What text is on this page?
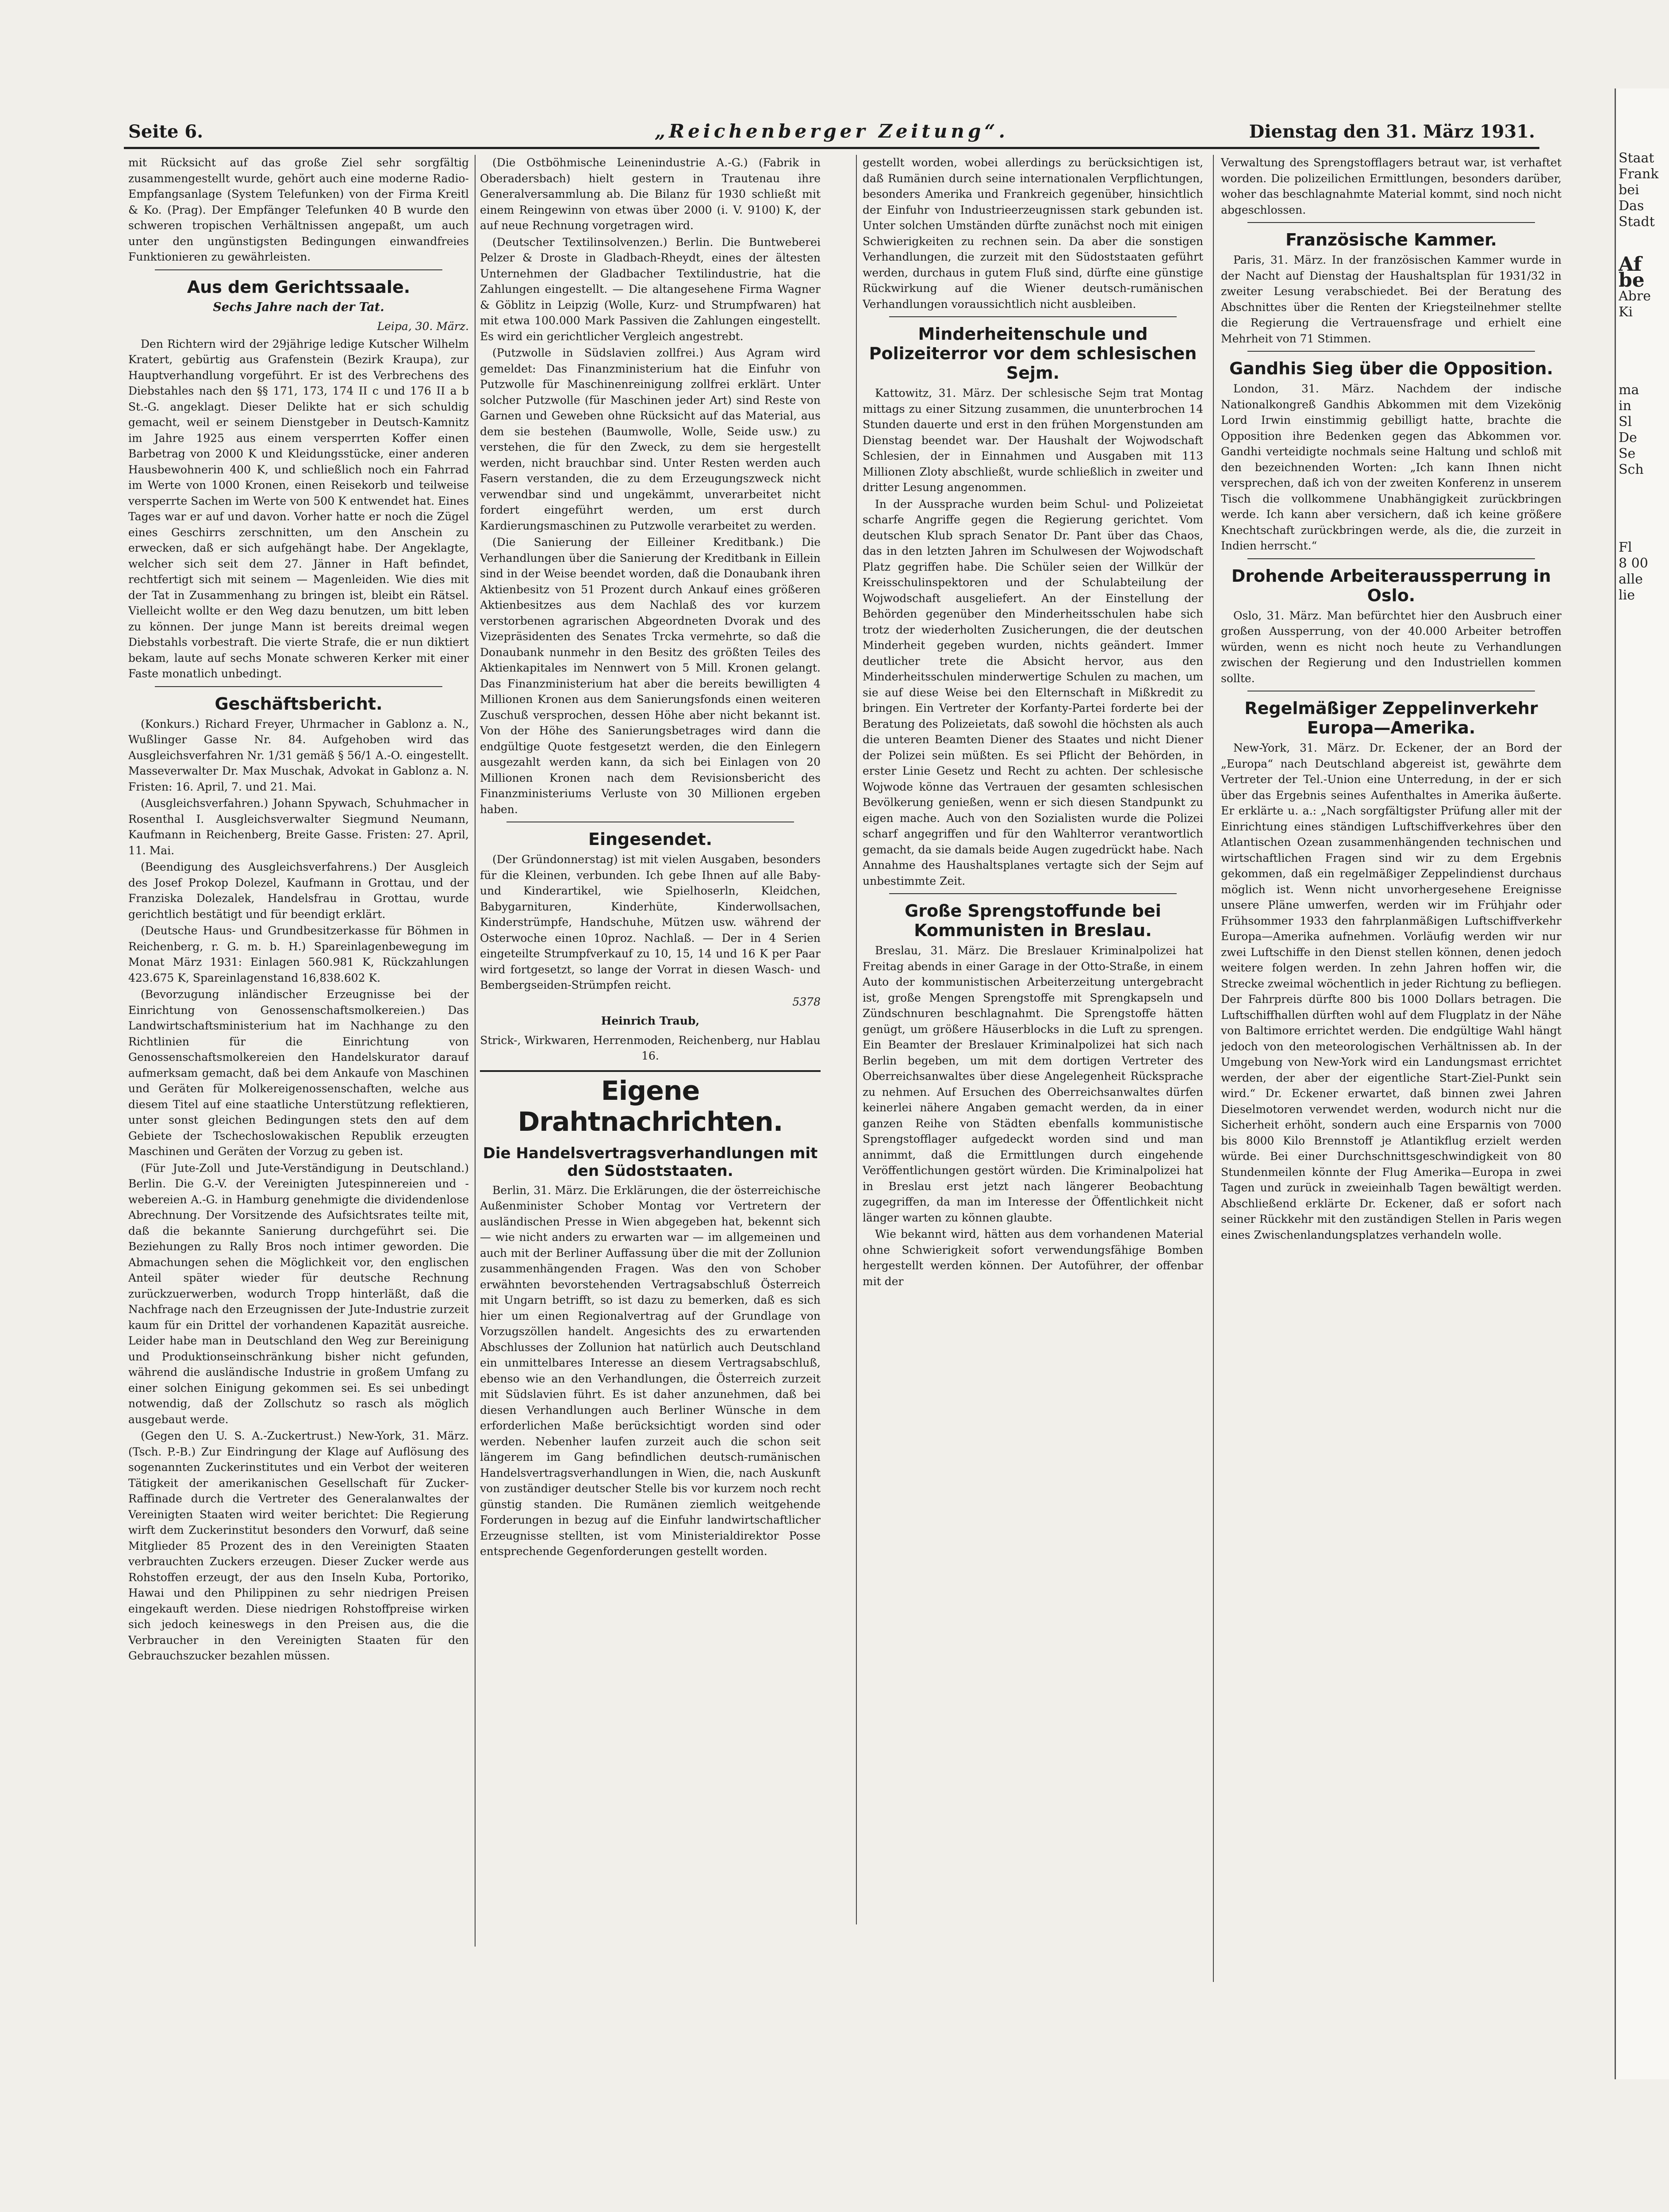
Seite 6.	„Reichenberger Zeitung“.	Dienstag den 31. März 1931.

mit Rücksicht auf das große Ziel sehr sorgfältig zusammengestellt wurde, gehört auch eine moderne Radio-Empfangsanlage (System Telefunken) von der Firma Kreitl & Ko. (Prag). Der Empfänger Telefunken 40 B wurde den schweren tropischen Verhältnissen angepaßt, um auch unter den ungünstigsten Bedingungen einwandfreies Funktionieren zu gewährleisten.

Aus dem Gerichtssaale.
Sechs Jahre nach der Tat.
Leipa, 30. März.

Den Richtern wird der 29jährige ledige Kutscher Wilhelm Kratert, gebürtig aus Grafenstein (Bezirk Kraupa), zur Hauptverhandlung vorgeführt. Er ist des Verbrechens des Diebstahles nach den §§ 171, 173, 174 II c und 176 II a b St.-G. angeklagt. Dieser Delikte hat er sich schuldig gemacht, weil er seinem Dienstgeber in Deutsch-Kamnitz im Jahre 1925 aus einem versperrten Koffer einen Barbetrag von 2000 K und Kleidungsstücke, einer anderen Hausbewohnerin 400 K, und schließlich noch ein Fahrrad im Werte von 1000 Kronen, einen Reisekorb und teilweise versperrte Sachen im Werte von 500 K entwendet hat. Eines Tages war er auf und davon. Vorher hatte er noch die Zügel eines Geschirrs zerschnitten, um den Anschein zu erwecken, daß er sich aufgehängt habe. Der Angeklagte, welcher sich seit dem 27. Jänner in Haft befindet, rechtfertigt sich mit seinem — Magenleiden. Wie dies mit der Tat in Zusammenhang zu bringen ist, bleibt ein Rätsel. Vielleicht wollte er den Weg dazu benutzen, um bitt leben zu können. Der junge Mann ist bereits dreimal wegen Diebstahls vorbestraft. Die vierte Strafe, die er nun diktiert bekam, laute auf sechs Monate schweren Kerker mit einer Faste monatlich unbedingt.

Geschäftsbericht.

(Konkurs.) Richard Freyer, Uhrmacher in Gablonz a. N., Wußlinger Gasse Nr. 84. Aufgehoben wird das Ausgleichsverfahren Nr. 1/31 gemäß § 56/1 A.-O. eingestellt. Masseverwalter Dr. Max Muschak, Advokat in Gablonz a. N. Fristen: 16. April, 7. und 21. Mai.

(Ausgleichsverfahren.) Johann Spywach, Schuhmacher in Rosenthal I. Ausgleichsverwalter Siegmund Neumann, Kaufmann in Reichenberg, Breite Gasse. Fristen: 27. April, 11. Mai.

(Beendigung des Ausgleichsverfahrens.) Der Ausgleich des Josef Prokop Dolezel, Kaufmann in Grottau, und der Franziska Dolezalek, Handelsfrau in Grottau, wurde gerichtlich bestätigt und für beendigt erklärt.

(Deutsche Haus- und Grundbesitzerkasse für Böhmen in Reichenberg, r. G. m. b. H.) Spareinlagenbewegung im Monat März 1931: Einlagen 560.981 K, Rückzahlungen 423.675 K, Spareinlagenstand 16,838.602 K.

(Bevorzugung inländischer Erzeugnisse bei der Einrichtung von Genossenschaftsmolkereien.) Das Landwirtschaftsministerium hat im Nachhange zu den Richtlinien für die Einrichtung von Genossenschaftsmolkereien den Handelskurator darauf aufmerksam gemacht, daß bei dem Ankaufe von Maschinen und Geräten für Molkereigenossenschaften, welche aus diesem Titel auf eine staatliche Unterstützung reflektieren, unter sonst gleichen Bedingungen stets den auf dem Gebiete der Tschechoslowakischen Republik erzeugten Maschinen und Geräten der Vorzug zu geben ist.

(Für Jute-Zoll und Jute-Verständigung in Deutschland.) Berlin. Die G.-V. der Vereinigten Jutespinnereien und -webereien A.-G. in Hamburg genehmigte die dividendenlose Abrechnung. Der Vorsitzende des Aufsichtsrates teilte mit, daß die bekannte Sanierung durchgeführt sei. Die Beziehungen zu Rally Bros noch intimer geworden. Die Abmachungen sehen die Möglichkeit vor, den englischen Anteil später wieder für deutsche Rechnung zurückzuerwerben, wodurch Tropp hinterläßt, daß die Nachfrage nach den Erzeugnissen der Jute-Industrie zurzeit kaum für ein Drittel der vorhandenen Kapazität ausreiche. Leider habe man in Deutschland den Weg zur Bereinigung und Produktionseinschränkung bisher nicht gefunden, während die ausländische Industrie in großem Umfang zu einer solchen Einigung gekommen sei. Es sei unbedingt notwendig, daß der Zollschutz so rasch als möglich ausgebaut werde.

(Gegen den U. S. A.-Zuckertrust.) New-York, 31. März. (Tsch. P.-B.) Zur Eindringung der Klage auf Auflösung des sogenannten Zuckerinstitutes und ein Verbot der weiteren Tätigkeit der amerikanischen Gesellschaft für Zucker-Raffinade durch die Vertreter des Generalanwaltes der Vereinigten Staaten wird weiter berichtet: Die Regierung wirft dem Zuckerinstitut besonders den Vorwurf, daß seine Mitglieder 85 Prozent des in den Vereinigten Staaten verbrauchten Zuckers erzeugen. Dieser Zucker werde aus Rohstoffen erzeugt, der aus den Inseln Kuba, Portoriko, Hawai und den Philippinen zu sehr niedrigen Preisen eingekauft werden. Diese niedrigen Rohstoffpreise wirken sich jedoch keineswegs in den Preisen aus, die die Verbraucher in den Vereinigten Staaten für den Gebrauchszucker bezahlen müssen.

(Die Ostböhmische Leinenindustrie A.-G.) (Fabrik in Oberadersbach) hielt gestern in Trautenau ihre Generalversammlung ab. Die Bilanz für 1930 schließt mit einem Reingewinn von etwas über 2000 (i. V. 9100) K, der auf neue Rechnung vorgetragen wird.

(Deutscher Textilinsolvenzen.) Berlin. Die Buntweberei Pelzer & Droste in Gladbach-Rheydt, eines der ältesten Unternehmen der Gladbacher Textilindustrie, hat die Zahlungen eingestellt. — Die altangesehene Firma Wagner & Göblitz in Leipzig (Wolle, Kurz- und Strumpfwaren) hat mit etwa 100.000 Mark Passiven die Zahlungen eingestellt. Es wird ein gerichtlicher Vergleich angestrebt.

(Putzwolle in Südslavien zollfrei.) Aus Agram wird gemeldet: Das Finanzministerium hat die Einfuhr von Putzwolle für Maschinenreinigung zollfrei erklärt. Unter solcher Putzwolle (für Maschinen jeder Art) sind Reste von Garnen und Geweben ohne Rücksicht auf das Material, aus dem sie bestehen (Baumwolle, Wolle, Seide usw.) zu verstehen, die für den Zweck, zu dem sie hergestellt werden, nicht brauchbar sind. Unter Resten werden auch Fasern verstanden, die zu dem Erzeugungszweck nicht verwendbar sind und ungekämmt, unverarbeitet nicht fordert eingeführt werden, um erst durch Kardierungsmaschinen zu Putzwolle verarbeitet zu werden.

(Die Sanierung der Eilleiner Kreditbank.) Die Verhandlungen über die Sanierung der Kreditbank in Eillein sind in der Weise beendet worden, daß die Donaubank ihren Aktienbesitz von 51 Prozent durch Ankauf eines größeren Aktienbesitzes aus dem Nachlaß des vor kurzem verstorbenen agrarischen Abgeordneten Dvorak und des Vizepräsidenten des Senates Trcka vermehrte, so daß die Donaubank nunmehr in den Besitz des größten Teiles des Aktienkapitales im Nennwert von 5 Mill. Kronen gelangt. Das Finanzministerium hat aber die bereits bewilligten 4 Millionen Kronen aus dem Sanierungsfonds einen weiteren Zuschuß versprochen, dessen Höhe aber nicht bekannt ist. Von der Höhe des Sanierungsbetrages wird dann die endgültige Quote festgesetzt werden, die den Einlegern ausgezahlt werden kann, da sich bei Einlagen von 20 Millionen Kronen nach dem Revisionsbericht des Finanzministeriums Verluste von 30 Millionen ergeben haben.

Eingesendet.

(Der Gründonnerstag) ist mit vielen Ausgaben, besonders für die Kleinen, verbunden. Ich gebe Ihnen auf alle Baby- und Kinderartikel, wie Spielhoserln, Kleidchen, Babygarnituren, Kinderhüte, Kinderwollsachen, Kinderstrümpfe, Handschuhe, Mützen usw. während der Osterwoche einen 10proz. Nachlaß. — Der in 4 Serien eingeteilte Strumpfverkauf zu 10, 15, 14 und 16 K per Paar wird fortgesetzt, so lange der Vorrat in diesen Wasch- und Bembergseiden-Strümpfen reicht.

5378
Heinrich Traub,
Strick-, Wirkwaren, Herrenmoden, Reichenberg, nur Hablau 16.
Eigene Drahtnachrichten.
Die Handelsvertragsverhandlungen mit den Südoststaaten.

Berlin, 31. März. Die Erklärungen, die der österreichische Außenminister Schober Montag vor Vertretern der ausländischen Presse in Wien abgegeben hat, bekennt sich — wie nicht anders zu erwarten war — im allgemeinen und auch mit der Berliner Auffassung über die mit der Zollunion zusammenhängenden Fragen. Was den von Schober erwähnten bevorstehenden Vertragsabschluß Österreich mit Ungarn betrifft, so ist dazu zu bemerken, daß es sich hier um einen Regionalvertrag auf der Grundlage von Vorzugszöllen handelt. Angesichts des zu erwartenden Abschlusses der Zollunion hat natürlich auch Deutschland ein unmittelbares Interesse an diesem Vertragsabschluß, ebenso wie an den Verhandlungen, die Österreich zurzeit mit Südslavien führt. Es ist daher anzunehmen, daß bei diesen Verhandlungen auch Berliner Wünsche in dem erforderlichen Maße berücksichtigt worden sind oder werden. Nebenher laufen zurzeit auch die schon seit längerem im Gang befindlichen deutsch-rumänischen Handelsvertragsverhandlungen in Wien, die, nach Auskunft von zuständiger deutscher Stelle bis vor kurzem noch recht günstig standen. Die Rumänen ziemlich weitgehende Forderungen in bezug auf die Einfuhr landwirtschaftlicher Erzeugnisse stellten, ist vom Ministerialdirektor Posse entsprechende Gegenforderungen gestellt worden.

gestellt worden, wobei allerdings zu berücksichtigen ist, daß Rumänien durch seine internationalen Verpflichtungen, besonders Amerika und Frankreich gegenüber, hinsichtlich der Einfuhr von Industrieerzeugnissen stark gebunden ist. Unter solchen Umständen dürfte zunächst noch mit einigen Schwierigkeiten zu rechnen sein. Da aber die sonstigen Verhandlungen, die zurzeit mit den Südoststaaten geführt werden, durchaus in gutem Fluß sind, dürfte eine günstige Rückwirkung auf die Wiener deutsch-rumänischen Verhandlungen voraussichtlich nicht ausbleiben.

Minderheitenschule und Polizeiterror vor dem schlesischen Sejm.

Kattowitz, 31. März. Der schlesische Sejm trat Montag mittags zu einer Sitzung zusammen, die ununterbrochen 14 Stunden dauerte und erst in den frühen Morgenstunden am Dienstag beendet war. Der Haushalt der Wojwodschaft Schlesien, der in Einnahmen und Ausgaben mit 113 Millionen Zloty abschließt, wurde schließlich in zweiter und dritter Lesung angenommen.

In der Aussprache wurden beim Schul- und Polizeietat scharfe Angriffe gegen die Regierung gerichtet. Vom deutschen Klub sprach Senator Dr. Pant über das Chaos, das in den letzten Jahren im Schulwesen der Wojwodschaft Platz gegriffen habe. Die Schüler seien der Willkür der Kreisschulinspektoren und der Schulabteilung der Wojwodschaft ausgeliefert. An der Einstellung der Behörden gegenüber den Minderheitsschulen habe sich trotz der wiederholten Zusicherungen, die der deutschen Minderheit gegeben wurden, nichts geändert. Immer deutlicher trete die Absicht hervor, aus den Minderheitsschulen minderwertige Schulen zu machen, um sie auf diese Weise bei den Elternschaft in Mißkredit zu bringen. Ein Vertreter der Korfanty-Partei forderte bei der Beratung des Polizeietats, daß sowohl die höchsten als auch die unteren Beamten Diener des Staates und nicht Diener der Polizei sein müßten. Es sei Pflicht der Behörden, in erster Linie Gesetz und Recht zu achten. Der schlesische Wojwode könne das Vertrauen der gesamten schlesischen Bevölkerung genießen, wenn er sich diesen Standpunkt zu eigen mache. Auch von den Sozialisten wurde die Polizei scharf angegriffen und für den Wahlterror verantwortlich gemacht, da sie damals beide Augen zugedrückt habe. Nach Annahme des Haushaltsplanes vertagte sich der Sejm auf unbestimmte Zeit.

Große Sprengstoffunde bei Kommunisten in Breslau.

Breslau, 31. März. Die Breslauer Kriminalpolizei hat Freitag abends in einer Garage in der Otto-Straße, in einem Auto der kommunistischen Arbeiterzeitung untergebracht ist, große Mengen Sprengstoffe mit Sprengkapseln und Zündschnuren beschlagnahmt. Die Sprengstoffe hätten genügt, um größere Häuserblocks in die Luft zu sprengen. Ein Beamter der Breslauer Kriminalpolizei hat sich nach Berlin begeben, um mit dem dortigen Vertreter des Oberreichsanwaltes über diese Angelegenheit Rücksprache zu nehmen. Auf Ersuchen des Oberreichsanwaltes dürfen keinerlei nähere Angaben gemacht werden, da in einer ganzen Reihe von Städten ebenfalls kommunistische Sprengstofflager aufgedeckt worden sind und man annimmt, daß die Ermittlungen durch eingehende Veröffentlichungen gestört würden. Die Kriminalpolizei hat in Breslau erst jetzt nach längerer Beobachtung zugegriffen, da man im Interesse der Öffentlichkeit nicht länger warten zu können glaubte.

Wie bekannt wird, hätten aus dem vorhandenen Material ohne Schwierigkeit sofort verwendungsfähige Bomben hergestellt werden können. Der Autoführer, der offenbar mit der

Verwaltung des Sprengstofflagers betraut war, ist verhaftet worden. Die polizeilichen Ermittlungen, besonders darüber, woher das beschlagnahmte Material kommt, sind noch nicht abgeschlossen.

Französische Kammer.

Paris, 31. März. In der französischen Kammer wurde in der Nacht auf Dienstag der Haushaltsplan für 1931/32 in zweiter Lesung verabschiedet. Bei der Beratung des Abschnittes über die Renten der Kriegsteilnehmer stellte die Regierung die Vertrauensfrage und erhielt eine Mehrheit von 71 Stimmen.

Gandhis Sieg über die Opposition.

London, 31. März. Nachdem der indische Nationalkongreß Gandhis Abkommen mit dem Vizekönig Lord Irwin einstimmig gebilligt hatte, brachte die Opposition ihre Bedenken gegen das Abkommen vor. Gandhi verteidigte nochmals seine Haltung und schloß mit den bezeichnenden Worten: „Ich kann Ihnen nicht versprechen, daß ich von der zweiten Konferenz in unserem Tisch die vollkommene Unabhängigkeit zurückbringen werde. Ich kann aber versichern, daß ich keine größere Knechtschaft zurückbringen werde, als die, die zurzeit in Indien herrscht.“

Drohende Arbeiteraussperrung in Oslo.

Oslo, 31. März. Man befürchtet hier den Ausbruch einer großen Aussperrung, von der 40.000 Arbeiter betroffen würden, wenn es nicht noch heute zu Verhandlungen zwischen der Regierung und den Industriellen kommen sollte.

Regelmäßiger Zeppelinverkehr Europa—Amerika.

New-York, 31. März. Dr. Eckener, der an Bord der „Europa“ nach Deutschland abgereist ist, gewährte dem Vertreter der Tel.-Union eine Unterredung, in der er sich über das Ergebnis seines Aufenthaltes in Amerika äußerte. Er erklärte u. a.: „Nach sorgfältigster Prüfung aller mit der Einrichtung eines ständigen Luftschiffverkehres über den Atlantischen Ozean zusammenhängenden technischen und wirtschaftlichen Fragen sind wir zu dem Ergebnis gekommen, daß ein regelmäßiger Zeppelindienst durchaus möglich ist. Wenn nicht unvorhergesehene Ereignisse unsere Pläne umwerfen, werden wir im Frühjahr oder Frühsommer 1933 den fahrplanmäßigen Luftschiffverkehr Europa—Amerika aufnehmen. Vorläufig werden wir nur zwei Luftschiffe in den Dienst stellen können, denen jedoch weitere folgen werden. In zehn Jahren hoffen wir, die Strecke zweimal wöchentlich in jeder Richtung zu befliegen. Der Fahrpreis dürfte 800 bis 1000 Dollars betragen. Die Luftschiffhallen dürften wohl auf dem Flugplatz in der Nähe von Baltimore errichtet werden. Die endgültige Wahl hängt jedoch von den meteorologischen Verhältnissen ab. In der Umgebung von New-York wird ein Landungsmast errichtet werden, der aber der eigentliche Start-Ziel-Punkt sein wird.“ Dr. Eckener erwartet, daß binnen zwei Jahren Dieselmotoren verwendet werden, wodurch nicht nur die Sicherheit erhöht, sondern auch eine Ersparnis von 7000 bis 8000 Kilo Brennstoff je Atlantikflug erzielt werden würde. Bei einer Durchschnittsgeschwindigkeit von 80 Stundenmeilen könnte der Flug Amerika—Europa in zwei Tagen und zurück in zweieinhalb Tagen bewältigt werden. Abschließend erklärte Dr. Eckener, daß er sofort nach seiner Rückkehr mit den zuständigen Stellen in Paris wegen eines Zwischenlandungsplatzes verhandeln wolle.

Staat
Frank
bei
Das
Stadt
Af
be
Abre
Ki
ma
in
Sl
De
Se
Sch
Fl
8 00
alle
lie
